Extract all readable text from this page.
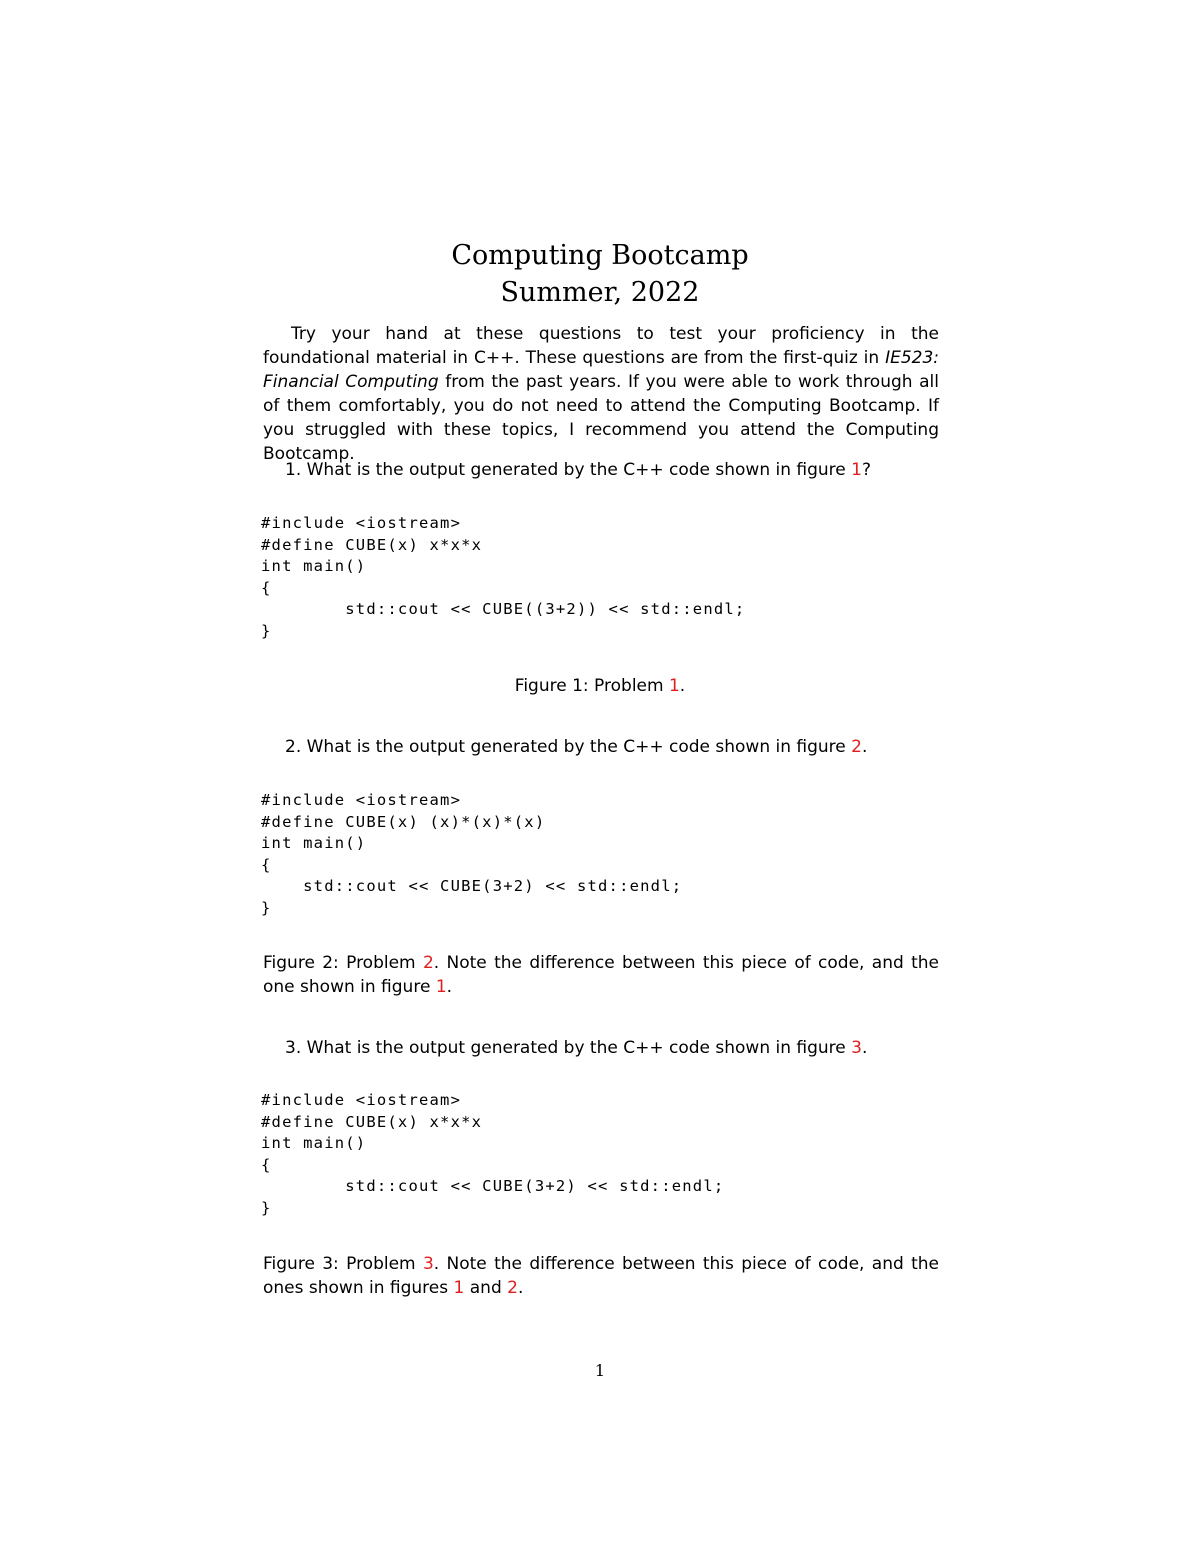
Computing Bootcamp
Summer, 2022

Try your hand at these questions to test your proficiency in the foundational material in C++. These questions are from the first-quiz in IE523: Financial Computing from the past years. If you were able to work through all of them comfortably, you do not need to attend the Computing Bootcamp. If you struggled with these topics, I recommend you attend the Computing Bootcamp.

1. What is the output generated by the C++ code shown in figure 1?
#include <iostream>
#define CUBE(x) x*x*x
int main()
{
std::cout << CUBE((3+2)) << std::endl;
}
Figure 1: Problem 1.
2. What is the output generated by the C++ code shown in figure 2.
#include <iostream>
#define CUBE(x) (x)*(x)*(x)
int main()
{
std::cout << CUBE(3+2) << std::endl;
}
Figure 2: Problem 2. Note the difference between this piece of code, and the
one shown in figure 1.
3. What is the output generated by the C++ code shown in figure 3.
#include <iostream>
#define CUBE(x) x*x*x
int main()
{
std::cout << CUBE(3+2) << std::endl;
}
Figure 3: Problem 3. Note the difference between this piece of code, and the
ones shown in figures 1 and 2.
1
